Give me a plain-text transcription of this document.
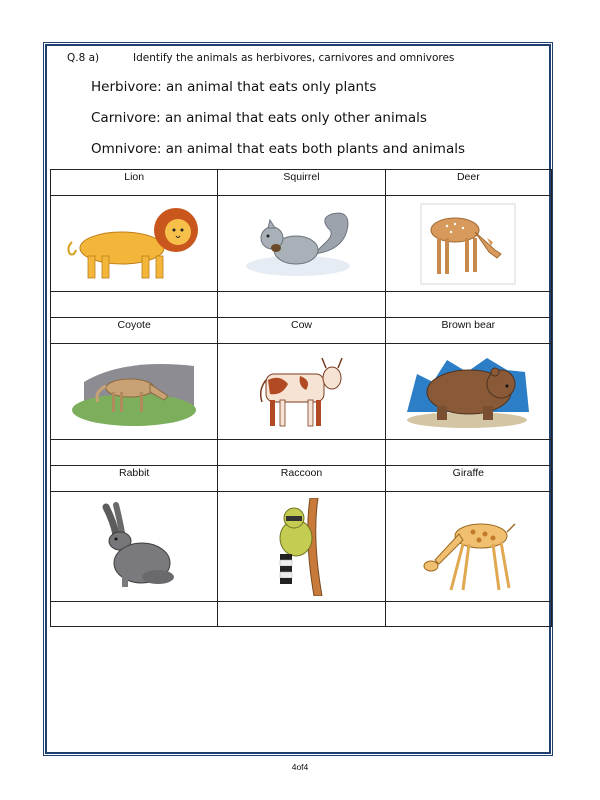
Q.8 a)	Identify the animals as herbivores, carnivores and omnivores
Herbivore: an animal that eats only plants
Carnivore: an animal that eats only other animals
Omnivore: an animal that eats both plants and animals
Lion	Squirrel	Deer
Coyote	Cow	Brown bear
Rabbit	Raccoon	Giraffe
4of4
